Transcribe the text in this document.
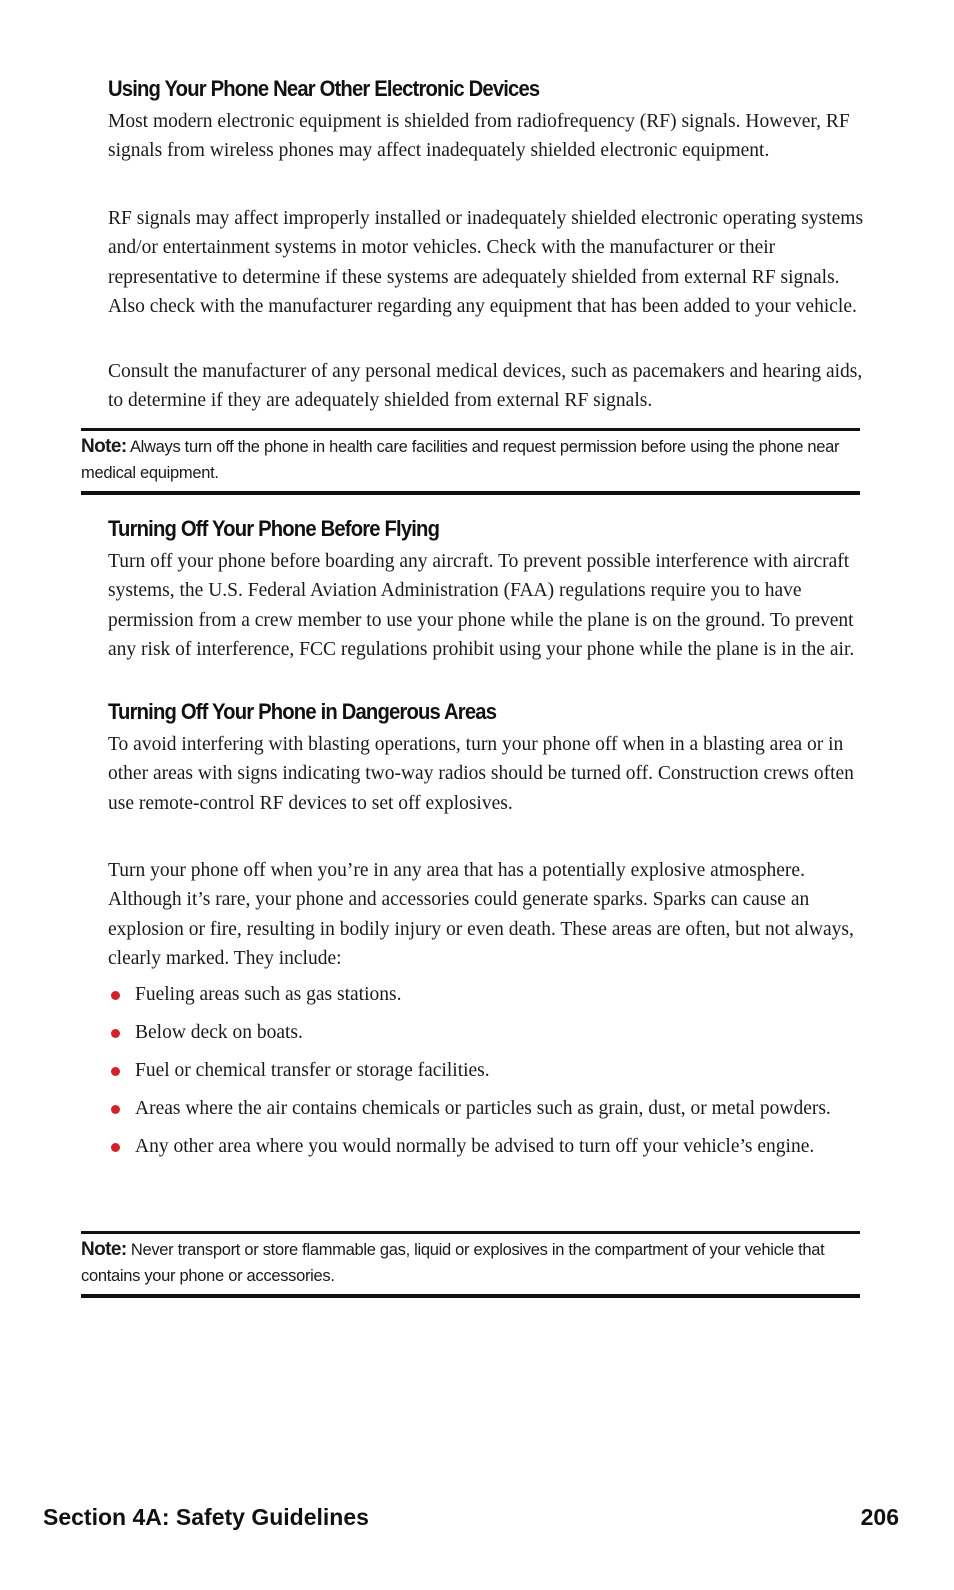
Using Your Phone Near Other Electronic Devices

Most modern electronic equipment is shielded from radiofrequency (RF) signals. However, RF signals from wireless phones may affect inadequately shielded electronic equipment.

RF signals may affect improperly installed or inadequately shielded electronic operating systems and/or entertainment systems in motor vehicles. Check with the manufacturer or their representative to determine if these systems are adequately shielded from external RF signals. Also check with the manufacturer regarding any equipment that has been added to your vehicle.

Consult the manufacturer of any personal medical devices, such as pacemakers and hearing aids, to determine if they are adequately shielded from external RF signals.

Note: Always turn off the phone in health care facilities and request permission before using the phone near medical equipment.

Turning Off Your Phone Before Flying

Turn off your phone before boarding any aircraft. To prevent possible interference with aircraft systems, the U.S. Federal Aviation Administration (FAA) regulations require you to have permission from a crew member to use your phone while the plane is on the ground. To prevent any risk of interference, FCC regulations prohibit using your phone while the plane is in the air.

Turning Off Your Phone in Dangerous Areas

To avoid interfering with blasting operations, turn your phone off when in a blasting area or in other areas with signs indicating two-way radios should be turned off. Construction crews often use remote-control RF devices to set off explosives.

Turn your phone off when you’re in any area that has a potentially explosive atmosphere. Although it’s rare, your phone and accessories could generate sparks. Sparks can cause an explosion or fire, resulting in bodily injury or even death. These areas are often, but not always, clearly marked. They include:

Fueling areas such as gas stations.
Below deck on boats.
Fuel or chemical transfer or storage facilities.
Areas where the air contains chemicals or particles such as grain, dust, or metal powders.
Any other area where you would normally be advised to turn off your vehicle’s engine.

Note: Never transport or store flammable gas, liquid or explosives in the compartment of your vehicle that contains your phone or accessories.

Section 4A: Safety Guidelines	206
